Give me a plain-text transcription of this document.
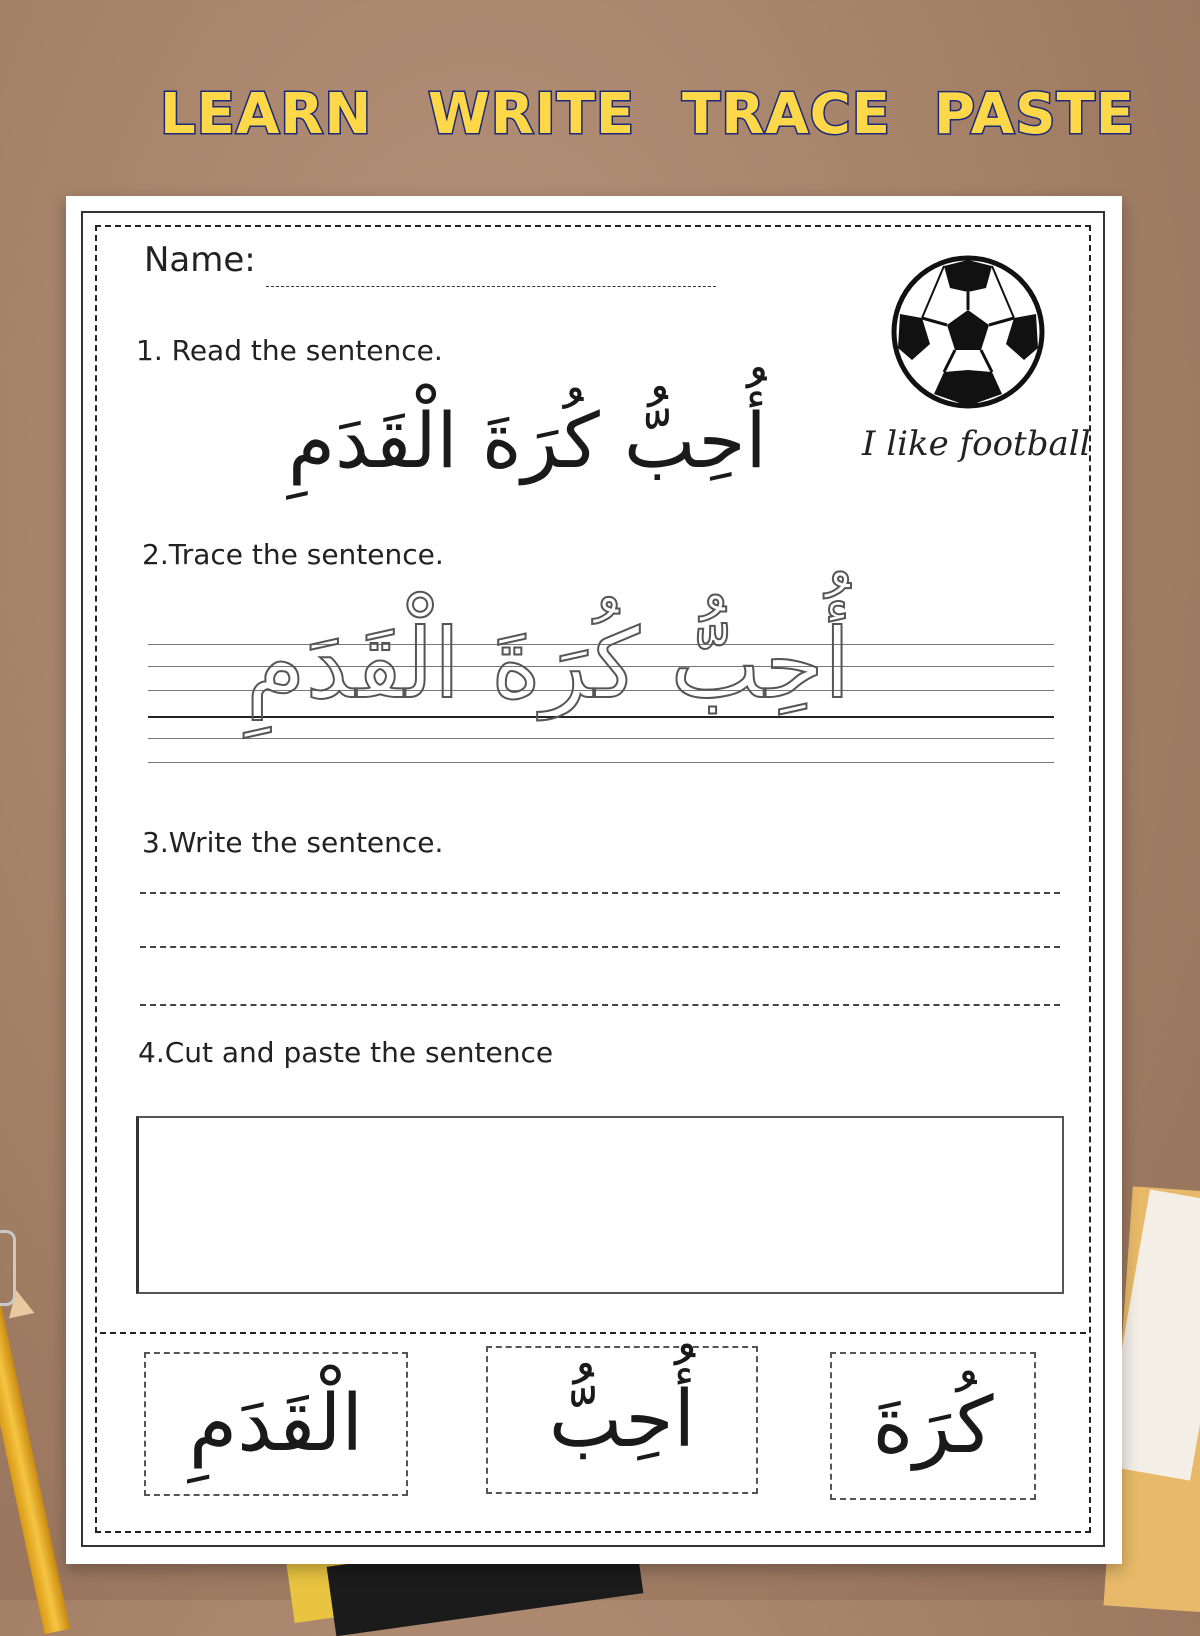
LEARN WRITE TRACE PASTE
Name:
I like football
1. Read the sentence.
أُحِبُّ كُرَةَ الْقَدَمِ
2.Trace the sentence.
أُحِبُّ كُرَةَ الْقَدَمِ
3.Write the sentence.
4.Cut and paste the sentence
الْقَدَمِ أُحِبُّ كُرَةَ
